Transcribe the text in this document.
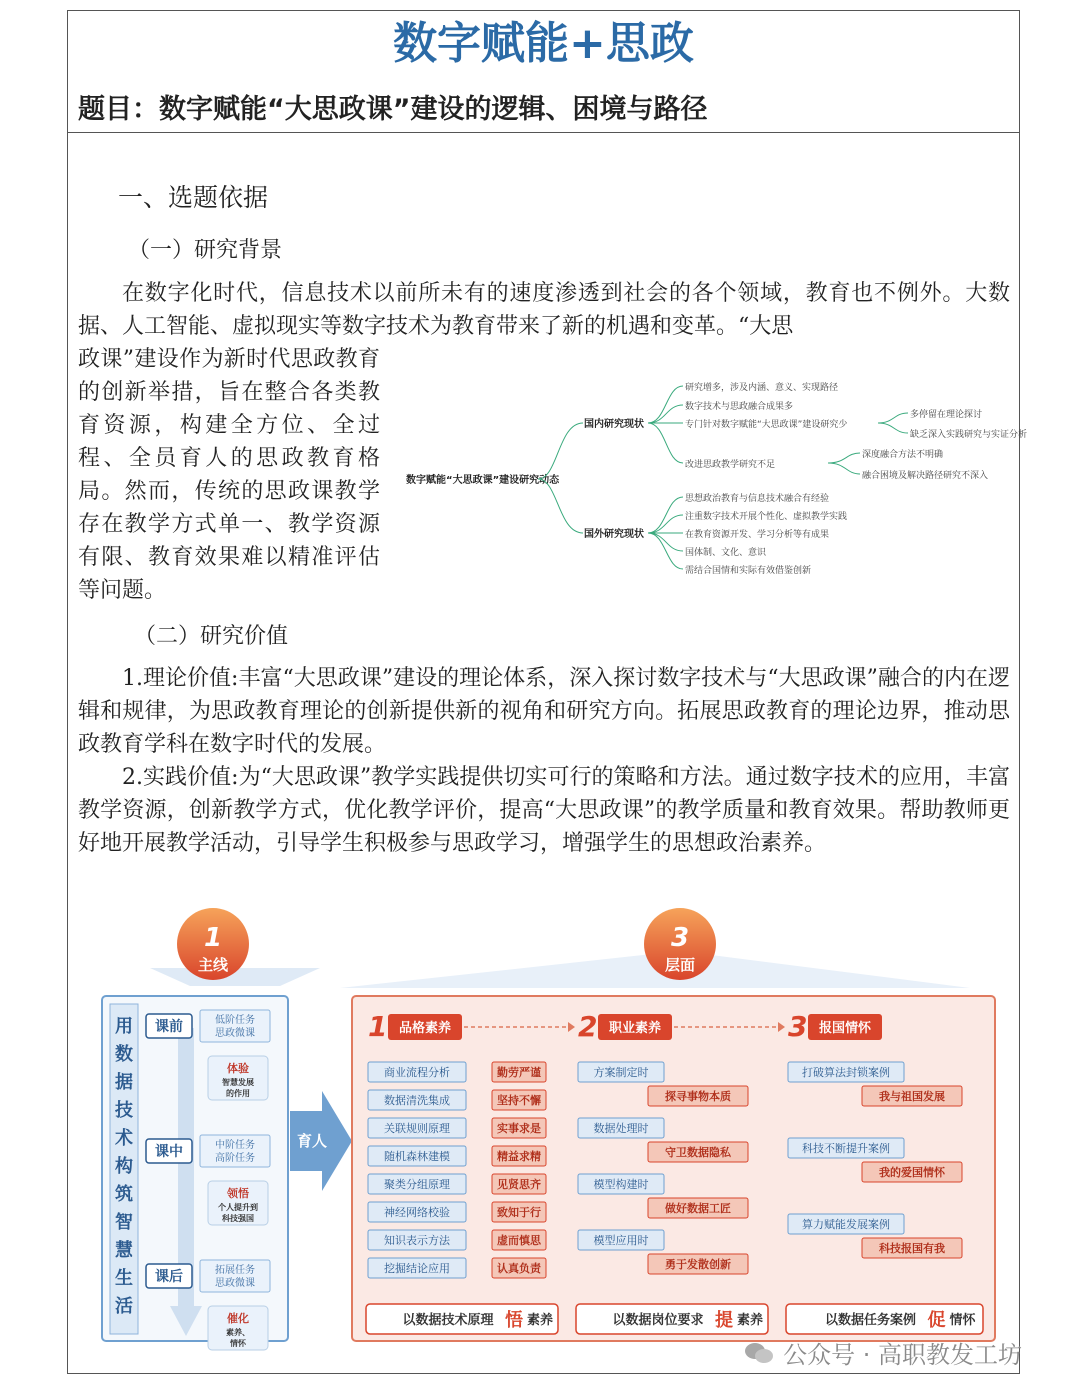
数字赋能+思政
题目：数字赋能“大思政课”建设的逻辑、困境与路径
一、选题依据
（一）研究背景
在数字化时代，信息技术以前所未有的速度渗透到社会的各个领域，教育也不例外。大数据、人工智能、虚拟现实等数字技术为教育带来了新的机遇和变革。“大思
政课”建设作为新时代思政教育的创新举措，旨在整合各类教育资源，构建全方位、全过程、全员育人的思政教育格局。然而，传统的思政课教学存在教学方式单一、教学资源有限、教育效果难以精准评估等问题。
数字赋能“大思政课”建设研究动态
国内研究现状
国外研究现状
研究增多，涉及内涵、意义、实现路径
数字技术与思政融合成果多
专门针对数字赋能“大思政课”建设研究少
改进思政教学研究不足
多停留在理论探讨
缺乏深入实践研究与实证分析
深度融合方法不明确
融合困境及解决路径研究不深入
思想政治教育与信息技术融合有经验
注重数字技术开展个性化、虚拟教学实践
在教育资源开发、学习分析等有成果
国体制、文化、意识
需结合国情和实际有效借鉴创新
（二）研究价值
1.理论价值:丰富“大思政课”建设的理论体系，深入探讨数字技术与“大思政课”融合的内在逻辑和规律，为思政教育理论的创新提供新的视角和研究方向。拓展思政教育的理论边界，推动思政教育学科在数字时代的发展。
2.实践价值:为“大思政课”教学实践提供切实可行的策略和方法。通过数字技术的应用，丰富教学资源，创新教学方式，优化教学评价，提高“大思政课”的教学质量和教育效果。帮助教师更好地开展教学活动，引导学生积极参与思政学习，增强学生的思想政治素养。
1
主线
3
层面
用
数
据
技
术
构
筑
智
慧
生
活
课前	低阶任务
思政微课
体验
智慧发展
的作用
课中	中阶任务
高阶任务
领悟
个人提升到
科技强国
课后	拓展任务
思政微课
催化
素养、
情怀
育人
1 品格素养
商业流程分析	勤劳严谨
数据清洗集成	坚持不懈
关联规则原理	实事求是
随机森林建模	精益求精
聚类分组原理	见贤思齐
神经网络校验	致知于行
知识表示方法	虚而慎思
挖掘结论应用	认真负责
以数据技术原理 悟 素养
2 职业素养
方案制定时
探寻事物本质
数据处理时
守卫数据隐私
模型构建时
做好数据工匠
模型应用时
勇于发散创新
以数据岗位要求 提 素养
3 报国情怀
打破算法封锁案例
我与祖国发展
科技不断提升案例
我的爱国情怀
算力赋能发展案例
科技报国有我
以数据任务案例 促 情怀
公众号 · 高职教发工坊
